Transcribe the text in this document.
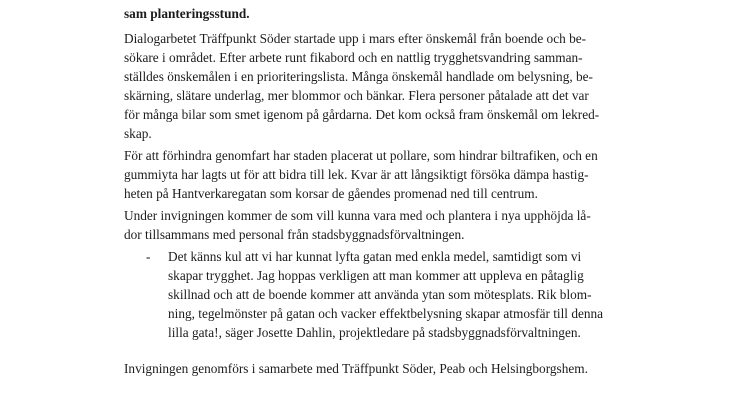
sam planteringsstund.
Dialogarbetet Träffpunkt Söder startade upp i mars efter önskemål från boende och be-
sökare i området. Efter arbete runt fikabord och en nattlig trygghetsvandring samman-
ställdes önskemålen i en prioriteringslista. Många önskemål handlade om belysning, be-
skärning, slätare underlag, mer blommor och bänkar. Flera personer påtalade att det var
för många bilar som smet igenom på gårdarna. Det kom också fram önskemål om lekred-
skap.
För att förhindra genomfart har staden placerat ut pollare, som hindrar biltrafiken, och en
gummiyta har lagts ut för att bidra till lek. Kvar är att långsiktigt försöka dämpa hastig-
heten på Hantverkaregatan som korsar de gåendes promenad ned till centrum.
Under invigningen kommer de som vill kunna vara med och plantera i nya upphöjda lå-
dor tillsammans med personal från stadsbyggnadsförvaltningen.
- Det känns kul att vi har kunnat lyfta gatan med enkla medel, samtidigt som vi
skapar trygghet. Jag hoppas verkligen att man kommer att uppleva en påtaglig
skillnad och att de boende kommer att använda ytan som mötesplats. Rik blom-
ning, tegelmönster på gatan och vacker effektbelysning skapar atmosfär till denna
lilla gata!, säger Josette Dahlin, projektledare på stadsbyggnadsförvaltningen.
Invigningen genomförs i samarbete med Träffpunkt Söder, Peab och Helsingborgshem.
